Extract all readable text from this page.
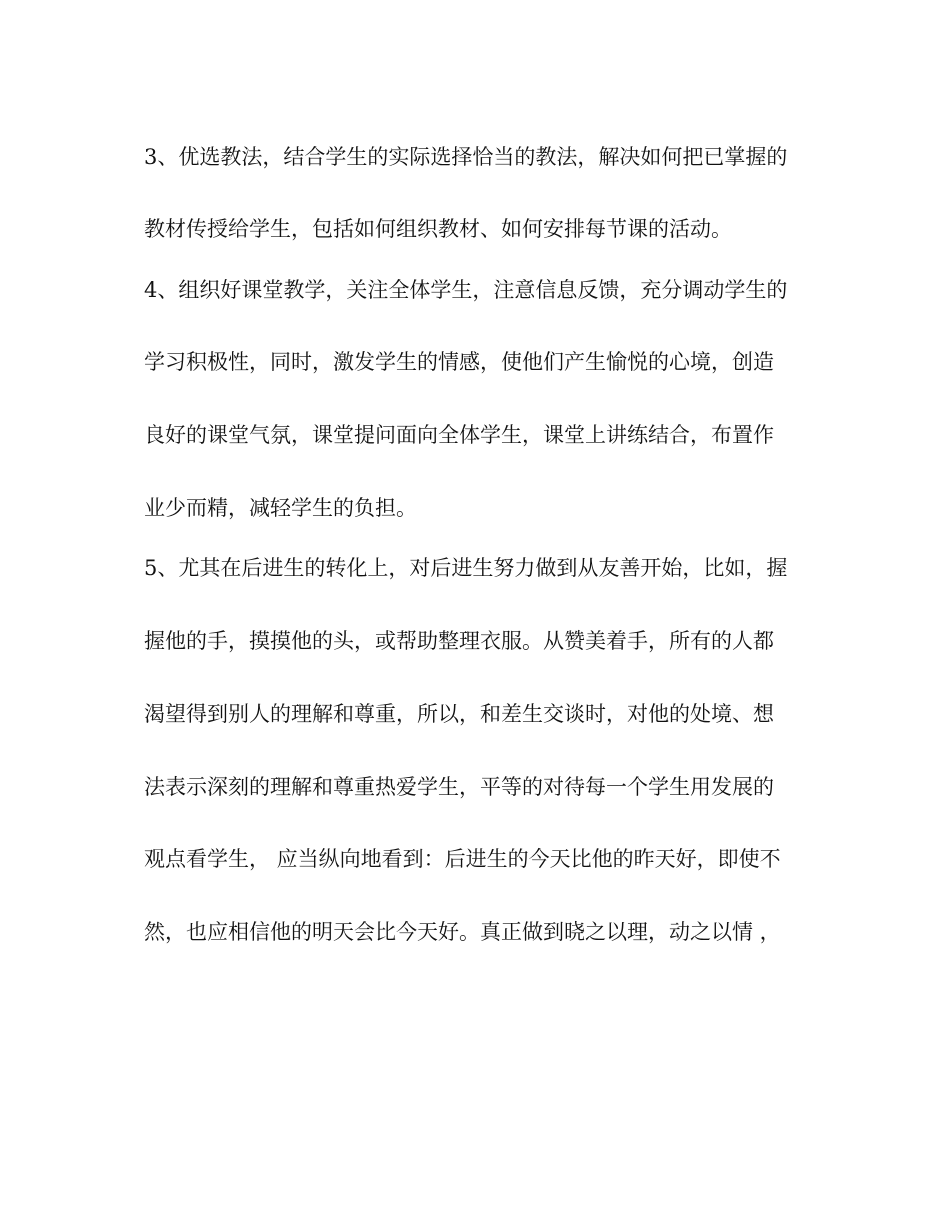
3、优选教法，结合学生的实际选择恰当的教法，解决如何把已掌握的
教材传授给学生，包括如何组织教材、如何安排每节课的活动。
4、组织好课堂教学，关注全体学生，注意信息反馈，充分调动学生的
学习积极性，同时，激发学生的情感，使他们产生愉悦的心境，创造
良好的课堂气氛，课堂提问面向全体学生，课堂上讲练结合，布置作
业少而精，减轻学生的负担。
5、尤其在后进生的转化上，对后进生努力做到从友善开始，比如，握
握他的手，摸摸他的头，或帮助整理衣服。从赞美着手，所有的人都
渴望得到别人的理解和尊重，所以，和差生交谈时，对他的处境、想
法表示深刻的理解和尊重热爱学生，平等的对待每一个学生用发展的
观点看学生， 应当纵向地看到：后进生的今天比他的昨天好，即使不
然，也应相信他的明天会比今天好。真正做到晓之以理，动之以情 ，
